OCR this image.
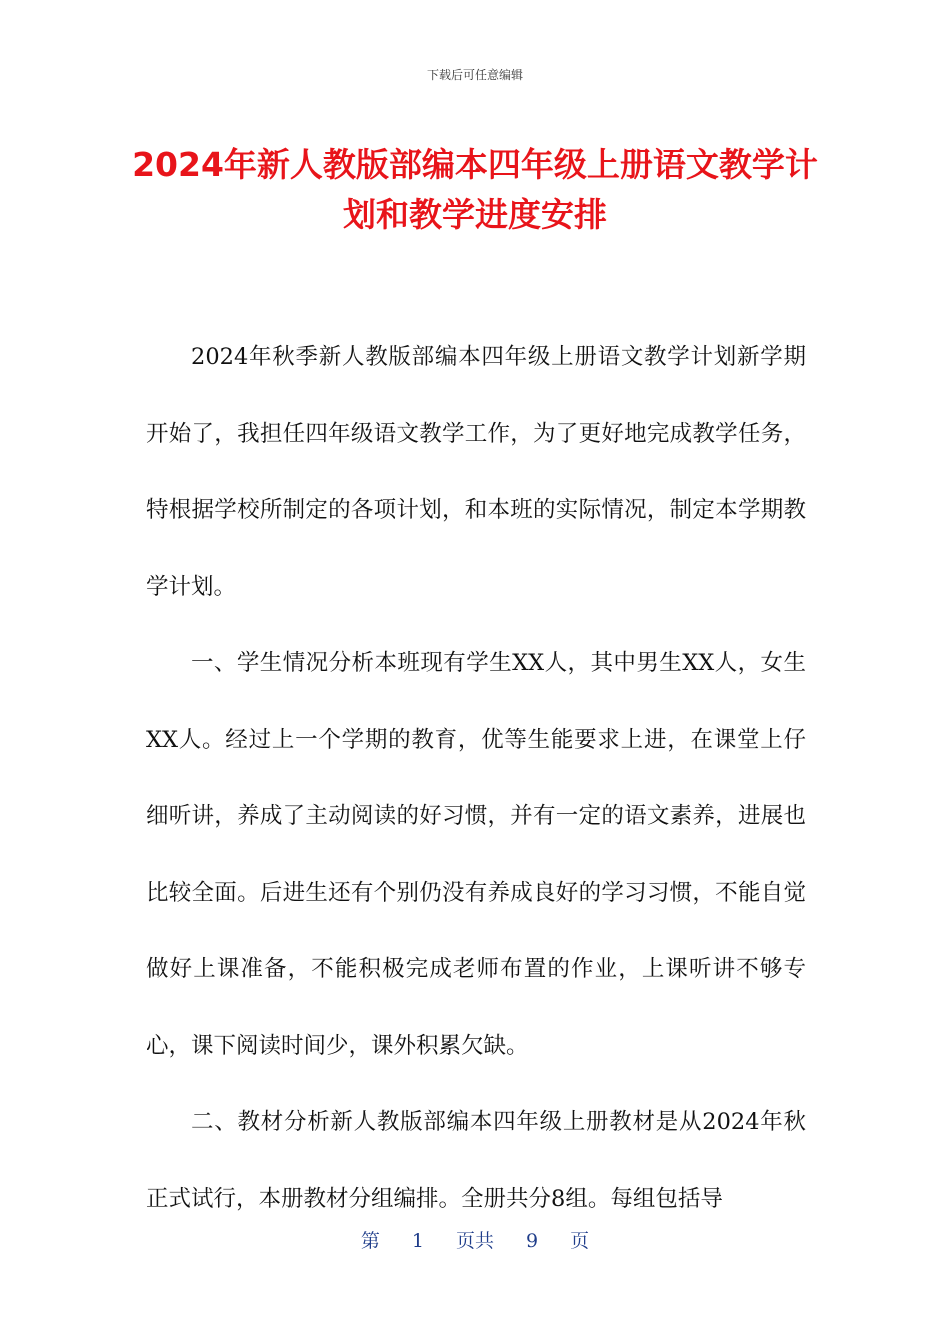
下载后可任意编辑
2024年新人教版部编本四年级上册语文教学计划和教学进度安排

2024年秋季新人教版部编本四年级上册语文教学计划新学期开始了，我担任四年级语文教学工作，为了更好地完成教学任务，特根据学校所制定的各项计划，和本班的实际情况，制定本学期教学计划。

一、学生情况分析本班现有学生XX人，其中男生XX人，女生XX人。经过上一个学期的教育，优等生能要求上进，在课堂上仔细听讲，养成了主动阅读的好习惯，并有一定的语文素养，进展也比较全面。后进生还有个别仍没有养成良好的学习习惯，不能自觉做好上课准备，不能积极完成老师布置的作业，上课听讲不够专心，课下阅读时间少，课外积累欠缺。

二、教材分析新人教版部编本四年级上册教材是从2024年秋正式试行，本册教材分组编排。全册共分8组。每组包括导

第 1 页共 9 页
